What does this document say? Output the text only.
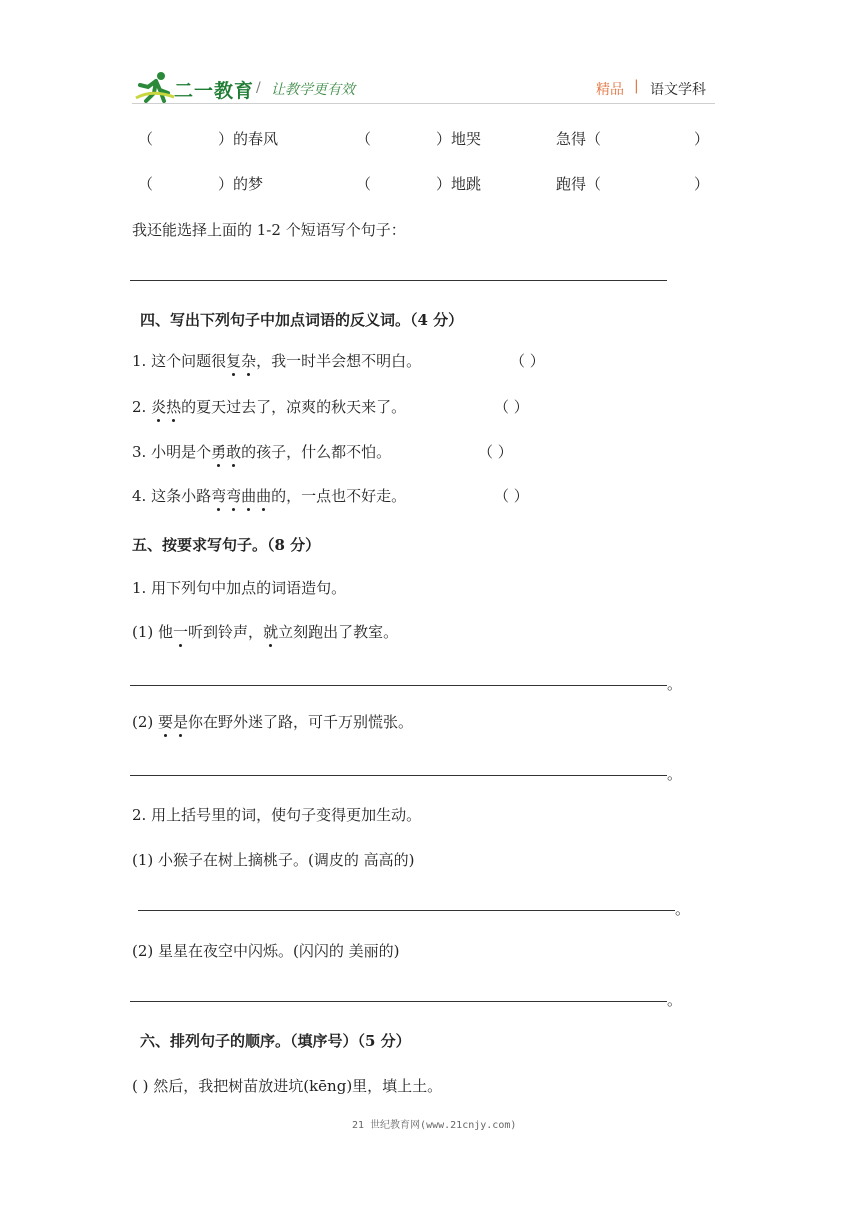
二一教育 / 让教学更有效	精品 | 语文学科
（	）的春风	（	）地哭	急得（	）
（	）的梦	（	）地跳	跑得（	）
我还能选择上面的 1-2 个短语写个句子：
四、写出下列句子中加点词语的反义词。（4 分）
1. 这个问题很复杂，我一时半会想不明白。	（ ）
2. 炎热的夏天过去了，凉爽的秋天来了。	（ ）
3. 小明是个勇敢的孩子，什么都不怕。	（ ）
4. 这条小路弯弯曲曲的，一点也不好走。	（ ）
五、按要求写句子。（8 分）
1. 用下列句中加点的词语造句。
(1) 他一听到铃声，就立刻跑出了教室。
。
(2) 要是你在野外迷了路，可千万别慌张。
。
2. 用上括号里的词，使句子变得更加生动。
(1) 小猴子在树上摘桃子。(调皮的 高高的)
。
(2) 星星在夜空中闪烁。(闪闪的 美丽的)
。
六、排列句子的顺序。（填序号）（5 分）
( ) 然后，我把树苗放进坑(kēng)里，填上土。
21 世纪教育网(www.21cnjy.com)
